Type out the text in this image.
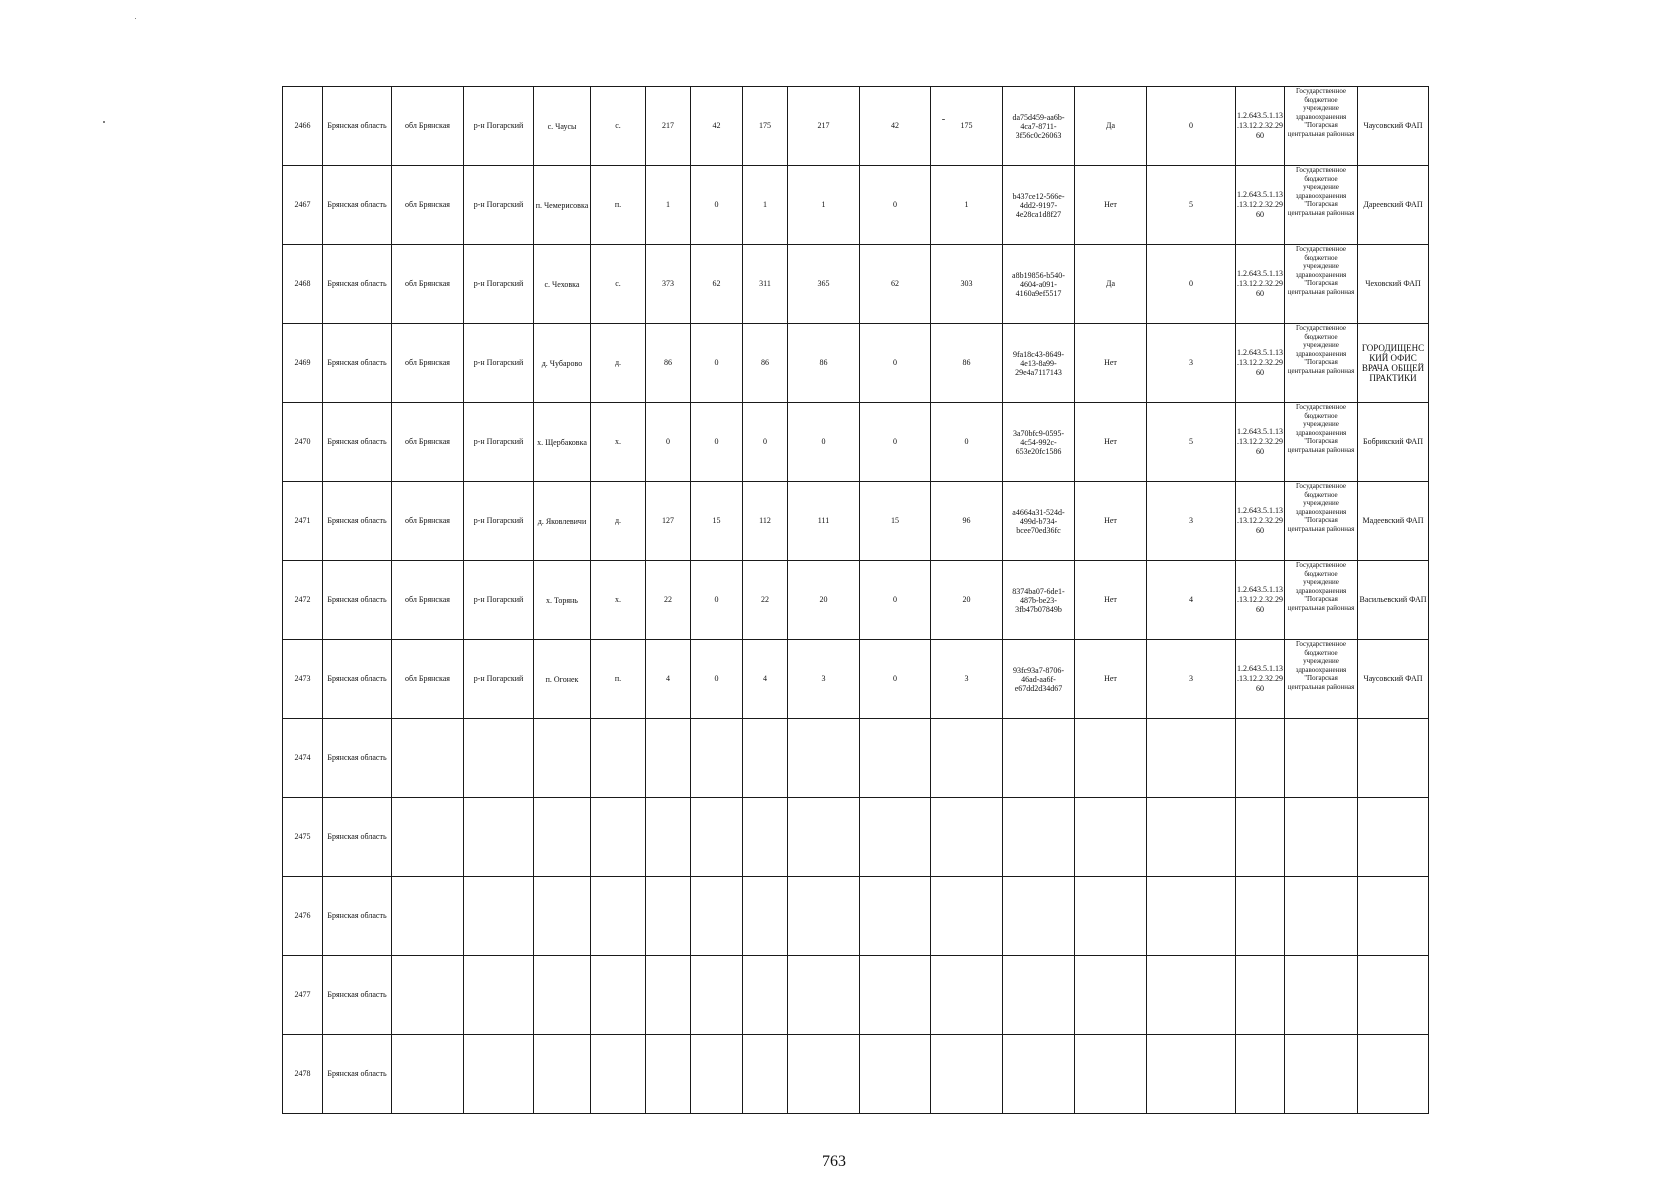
2466	Брянская область	обл Брянская	р-н Погарский	с. Чаусы	с.	217	42	175	217	42	175	da75d459-aa6b-4ca7-8711-3f56c0c26063	Да	0	1.2.643.5.1.13.13.12.2.32.2960	Государственное бюджетное учреждение здравоохранения "Погарская центральная районная	Чаусовский ФАП
2467	Брянская область	обл Брянская	р-н Погарский	п. Чемерисовка	п.	1	0	1	1	0	1	b437ce12-566e-4dd2-9197-4e28ca1d8f27	Нет	5	1.2.643.5.1.13.13.12.2.32.2960	Государственное бюджетное учреждение здравоохранения "Погарская центральная районная	Дареевский ФАП
2468	Брянская область	обл Брянская	р-н Погарский	с. Чеховка	с.	373	62	311	365	62	303	a8b19856-b540-4604-a091-4160a9ef5517	Да	0	1.2.643.5.1.13.13.12.2.32.2960	Государственное бюджетное учреждение здравоохранения "Погарская центральная районная	Чеховский ФАП
2469	Брянская область	обл Брянская	р-н Погарский	д. Чубарово	д.	86	0	86	86	0	86	9fa18c43-8649-4e13-8a99-29e4a7117143	Нет	3	1.2.643.5.1.13.13.12.2.32.2960	Государственное бюджетное учреждение здравоохранения "Погарская центральная районная	ГОРОДИЩЕНСКИЙ ОФИС ВРАЧА ОБЩЕЙ ПРАКТИКИ
2470	Брянская область	обл Брянская	р-н Погарский	х. Щербаковка	х.	0	0	0	0	0	0	3a70bfc9-0595-4c54-992c-653e20fc1586	Нет	5	1.2.643.5.1.13.13.12.2.32.2960	Государственное бюджетное учреждение здравоохранения "Погарская центральная районная	Бобрикский ФАП
2471	Брянская область	обл Брянская	р-н Погарский	д. Яковлевичи	д.	127	15	112	111	15	96	a4664a31-524d-499d-b734-bcee70ed36fc	Нет	3	1.2.643.5.1.13.13.12.2.32.2960	Государственное бюджетное учреждение здравоохранения "Погарская центральная районная	Мадеевский ФАП
2472	Брянская область	обл Брянская	р-н Погарский	х. Торянь	х.	22	0	22	20	0	20	8374ba07-6de1-487b-be23-3fb47b07849b	Нет	4	1.2.643.5.1.13.13.12.2.32.2960	Государственное бюджетное учреждение здравоохранения "Погарская центральная районная	Васильевский ФАП
2473	Брянская область	обл Брянская	р-н Погарский	п. Огонек	п.	4	0	4	3	0	3	93fc93a7-8706-46ad-aa6f-e67dd2d34d67	Нет	3	1.2.643.5.1.13.13.12.2.32.2960	Государственное бюджетное учреждение здравоохранения "Погарская центральная районная	Чаусовский ФАП
2474	Брянская область																
2475	Брянская область																
2476	Брянская область																
2477	Брянская область																
2478	Брянская область																
763
